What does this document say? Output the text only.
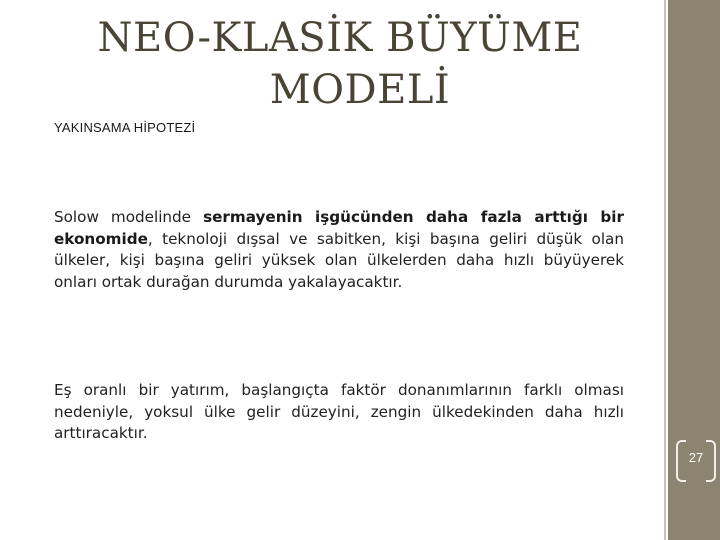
NEO-KLASİK BÜYÜME
MODELİ
YAKINSAMA HİPOTEZİ
Solow modelinde sermayenin işgücünden daha fazla arttığı bir ekonomide, teknoloji dışsal ve sabitken, kişi başına geliri düşük olan ülkeler, kişi başına geliri yüksek olan ülkelerden daha hızlı büyüyerek onları ortak durağan durumda yakalayacaktır.
Eş oranlı bir yatırım, başlangıçta faktör donanımlarının farklı olması nedeniyle, yoksul ülke gelir düzeyini, zengin ülkedekinden daha hızlı arttıracaktır.
27
